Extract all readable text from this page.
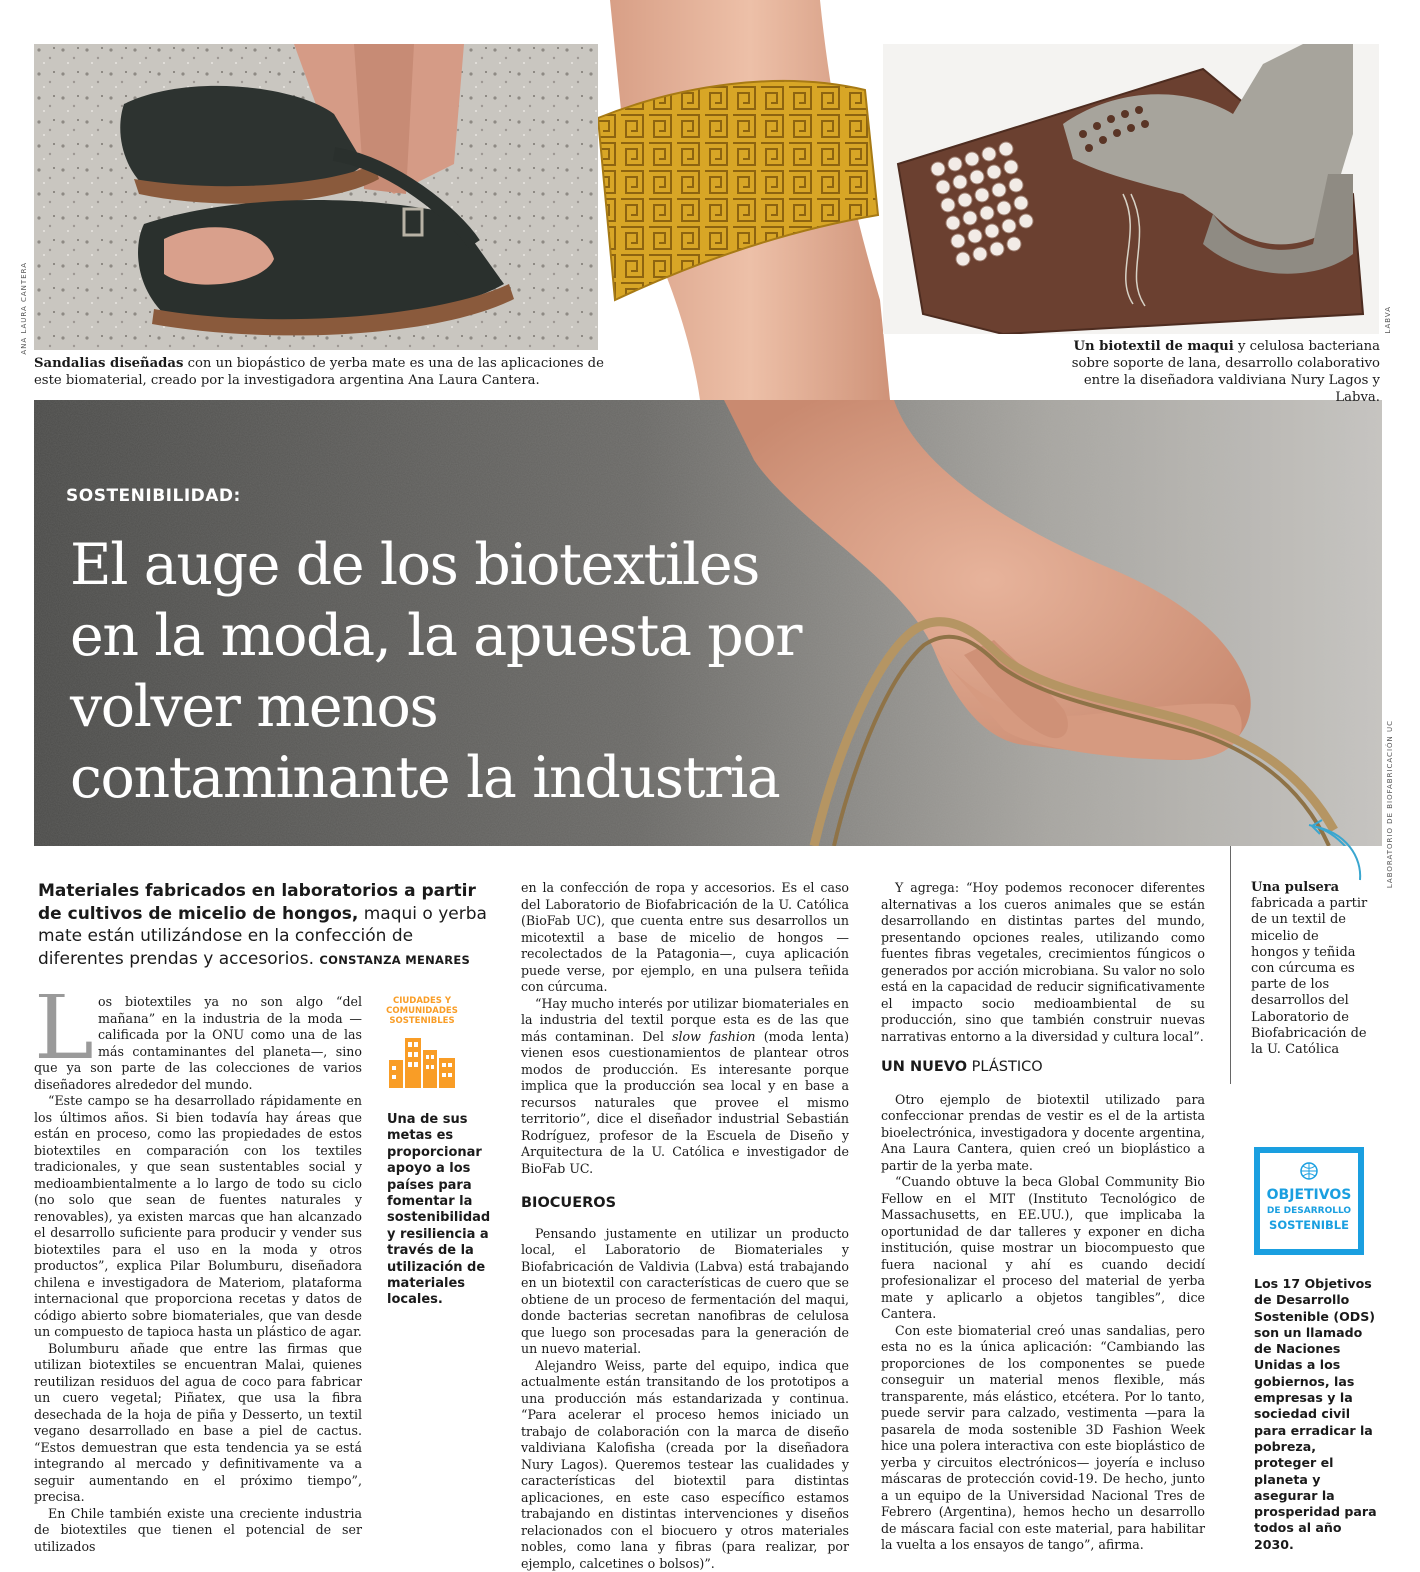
ANA LAURA CANTERA
Sandalias diseñadas con un biopástico de yerba mate es una de las aplicaciones de este biomaterial, creado por la investigadora argentina Ana Laura Cantera.
LABVA
Un biotextil de maqui y celulosa bacteriana sobre soporte de lana, desarrollo colaborativo entre la diseñadora valdiviana Nury Lagos y Labva.
SOSTENIBILIDAD:
El auge de los biotextiles en la moda, la apuesta por volver menos contaminante la industria	LABORATORIO DE BIOFABRICACIÓN UC
Una pulsera fabricada a partir de un textil de micelio de hongos y teñida con cúrcuma es parte de los desarrollos del Laboratorio de Biofabricación de la U. Católica
Materiales fabricados en laboratorios a partir de cultivos de micelio de hongos, maqui o yerba mate están utilizándose en la confección de diferentes prendas y accesorios. CONSTANZA MENARES
L os biotextiles ya no son algo “del mañana” en la industria de la moda —calificada por la ONU como una de las más contaminantes del planeta—, sino que ya son parte de las colecciones de varios diseñadores alrededor del mundo.

“Este campo se ha desarrollado rápidamente en los últimos años. Si bien todavía hay áreas que están en proceso, como las propiedades de estos biotextiles en comparación con los textiles tradicionales, y que sean sustentables social y medioambientalmente a lo largo de todo su ciclo (no solo que sean de fuentes naturales y renovables), ya existen marcas que han alcanzado el desarrollo suficiente para producir y vender sus biotextiles para el uso en la moda y otros productos”, explica Pilar Bolumburu, diseñadora chilena e investigadora de Materiom, plataforma internacional que proporciona recetas y datos de código abierto sobre biomateriales, que van desde un compuesto de tapioca hasta un plástico de agar.

Bolumburu añade que entre las firmas que utilizan biotextiles se encuentran Malai, quienes reutilizan residuos del agua de coco para fabricar un cuero vegetal; Piñatex, que usa la fibra desechada de la hoja de piña y Desserto, un textil vegano desarrollado en base a piel de cactus. “Estos demuestran que esta tendencia ya se está integrando al mercado y definitivamente va a seguir aumentando en el próximo tiempo”, precisa.

En Chile también existe una creciente industria de biotextiles que tienen el potencial de ser utilizados

CIUDADES Y COMUNIDADES SOSTENIBLES
Una de sus metas es proporcionar apoyo a los países para fomentar la sostenibilidad y resiliencia a través de la utilización de materiales locales.

en la confección de ropa y accesorios. Es el caso del Laboratorio de Biofabricación de la U. Católica (BioFab UC), que cuenta entre sus desarrollos un micotextil a base de micelio de hongos —recolectados de la Patagonia—, cuya aplicación puede verse, por ejemplo, en una pulsera teñida con cúrcuma.

“Hay mucho interés por utilizar biomateriales en la industria del textil porque esta es de las que más contaminan. Del slow fashion (moda lenta) vienen esos cuestionamientos de plantear otros modos de producción. Es interesante porque implica que la producción sea local y en base a recursos naturales que provee el mismo territorio”, dice el diseñador industrial Sebastián Rodríguez, profesor de la Escuela de Diseño y Arquitectura de la U. Católica e investigador de BioFab UC.

BIOCUEROS

Pensando justamente en utilizar un producto local, el Laboratorio de Biomateriales y Biofabricación de Valdivia (Labva) está trabajando en un biotextil con características de cuero que se obtiene de un proceso de fermentación del maqui, donde bacterias secretan nanofibras de celulosa que luego son procesadas para la generación de un nuevo material.

Alejandro Weiss, parte del equipo, indica que actualmente están transitando de los prototipos a una producción más estandarizada y continua. “Para acelerar el proceso hemos iniciado un trabajo de colaboración con la marca de diseño valdiviana Kalofisha (creada por la diseñadora Nury Lagos). Queremos testear las cualidades y características del biotextil para distintas aplicaciones, en este caso específico estamos trabajando en distintas intervenciones y diseños relacionados con el biocuero y otros materiales nobles, como lana y fibras (para realizar, por ejemplo, calcetines o bolsos)”.

Y agrega: “Hoy podemos reconocer diferentes alternativas a los cueros animales que se están desarrollando en distintas partes del mundo, presentando opciones reales, utilizando como fuentes fibras vegetales, crecimientos fúngicos o generados por acción microbiana. Su valor no solo está en la capacidad de reducir significativamente el impacto socio medioambiental de su producción, sino que también construir nuevas narrativas entorno a la diversidad y cultura local”.

UN NUEVO PLÁSTICO

Otro ejemplo de biotextil utilizado para confeccionar prendas de vestir es el de la artista bioelectrónica, investigadora y docente argentina, Ana Laura Cantera, quien creó un bioplástico a partir de la yerba mate.

“Cuando obtuve la beca Global Community Bio Fellow en el MIT (Instituto Tecnológico de Massachusetts, en EE.UU.), que implicaba la oportunidad de dar talleres y exponer en dicha institución, quise mostrar un biocompuesto que fuera nacional y ahí es cuando decidí profesionalizar el proceso del material de yerba mate y aplicarlo a objetos tangibles”, dice Cantera.

Con este biomaterial creó unas sandalias, pero esta no es la única aplicación: “Cambiando las proporciones de los componentes se puede conseguir un material menos flexible, más transparente, más elástico, etcétera. Por lo tanto, puede servir para calzado, vestimenta —para la pasarela de moda sostenible 3D Fashion Week hice una polera interactiva con este bioplástico de yerba y circuitos electrónicos— joyería e incluso máscaras de protección covid-19. De hecho, junto a un equipo de la Universidad Nacional Tres de Febrero (Argentina), hemos hecho un desarrollo de máscara facial con este material, para habilitar la vuelta a los ensayos de tango”, afirma.

OBJETIVOS
DE DESARROLLO
SOSTENIBLE
Los 17 Objetivos de Desarrollo Sostenible (ODS) son un llamado de Naciones Unidas a los gobiernos, las empresas y la sociedad civil para erradicar la pobreza, proteger el planeta y asegurar la prosperidad para todos al año 2030.
